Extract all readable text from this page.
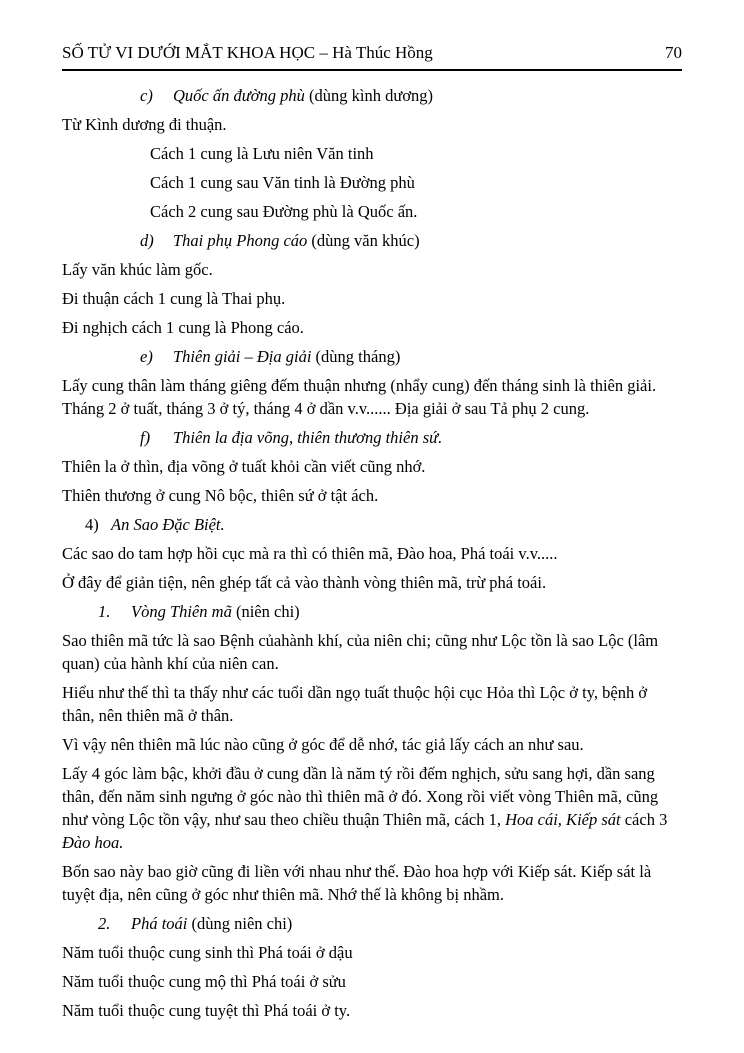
SỐ TỬ VI DƯỚI MẮT KHOA HỌC – Hà Thúc Hồng	70

c) Quốc ấn đường phù (dùng kình dương)

Từ Kình dương đi thuận.

Cách 1 cung là Lưu niên Văn tinh

Cách 1 cung sau Văn tinh là Đường phù

Cách 2 cung sau Đường phù là Quốc ấn.

d) Thai phụ Phong cáo (dùng văn khúc)

Lấy văn khúc làm gốc.

Đi thuận cách 1 cung là Thai phụ.

Đi nghịch cách 1 cung là Phong cáo.

e) Thiên giải – Địa giải (dùng tháng)

Lấy cung thân làm tháng giêng đếm thuận nhưng (nhẩy cung) đến tháng sinh là thiên giải. Tháng 2 ở tuất, tháng 3 ở tý, tháng 4 ở dần v.v...... Địa giải ở sau Tả phụ 2 cung.

f) Thiên la địa võng, thiên thương thiên sứ.

Thiên la ở thìn, địa võng ở tuất khỏi cần viết cũng nhớ.

Thiên thương ở cung Nô bộc, thiên sứ ở tật ách.

4) An Sao Đặc Biệt.

Các sao do tam hợp hồi cục mà ra thì có thiên mã, Đào hoa, Phá toái v.v.....

Ở đây để giản tiện, nên ghép tất cả vào thành vòng thiên mã, trừ phá toái.

1. Vòng Thiên mã (niên chi)

Sao thiên mã tức là sao Bệnh củahành khí, của niên chi; cũng như Lộc tồn là sao Lộc (lâm quan) của hành khí của niên can.

Hiểu như thế thì ta thấy như các tuổi dần ngọ tuất thuộc hội cục Hỏa thì Lộc ở ty, bệnh ở thân, nên thiên mã ở thân.

Vì vậy nên thiên mã lúc nào cũng ở góc để dễ nhớ, tác giả lấy cách an như sau.

Lấy 4 góc làm bậc, khởi đầu ở cung dần là năm tý rồi đếm nghịch, sửu sang hợi, dần sang thân, đến năm sinh ngưng ở góc nào thì thiên mã ở đó. Xong rồi viết vòng Thiên mã, cũng như vòng Lộc tồn vậy, như sau theo chiều thuận Thiên mã, cách 1, Hoa cái, Kiếp sát cách 3 Đào hoa.

Bốn sao này bao giờ cũng đi liền với nhau như thế. Đào hoa hợp với Kiếp sát. Kiếp sát là tuyệt địa, nên cũng ở góc như thiên mã. Nhớ thế là không bị nhầm.

2. Phá toái (dùng niên chi)

Năm tuổi thuộc cung sinh thì Phá toái ở dậu

Năm tuổi thuộc cung mộ thì Phá toái ở sửu

Năm tuổi thuộc cung tuyệt thì Phá toái ở ty.
